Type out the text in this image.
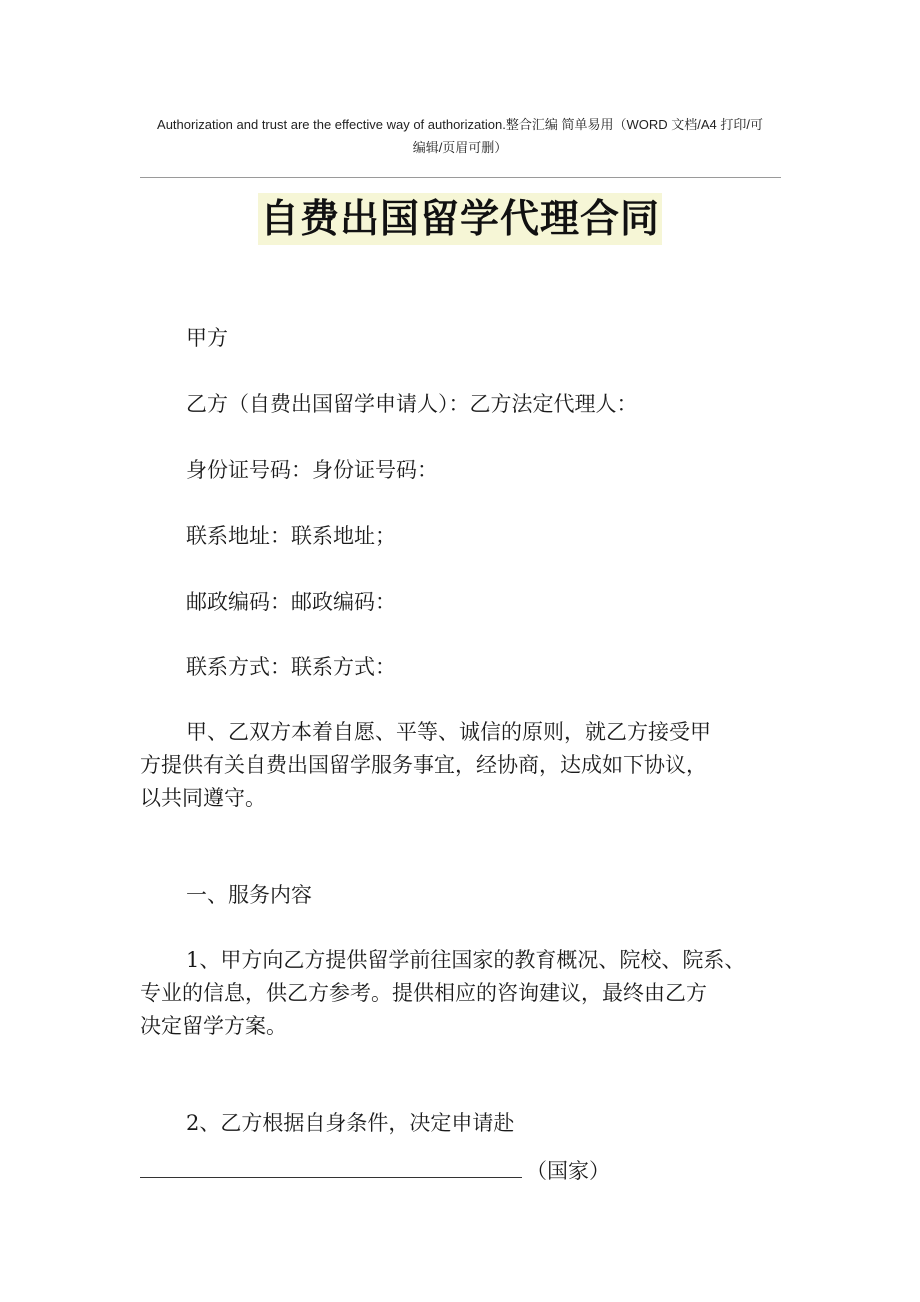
Authorization and trust are the effective way of authorization.整合汇编 简单易用（WORD 文档/A4 打印/可
编辑/页眉可删）
自费出国留学代理合同
甲方
乙方（自费出国留学申请人）：乙方法定代理人：
身份证号码：身份证号码：
联系地址：联系地址；
邮政编码：邮政编码：
联系方式：联系方式：
甲、乙双方本着自愿、平等、诚信的原则，就乙方接受甲
方提供有关自费出国留学服务事宜，经协商，达成如下协议，
以共同遵守。
一、服务内容
1、甲方向乙方提供留学前往国家的教育概况、院校、院系、
专业的信息，供乙方参考。提供相应的咨询建议，最终由乙方
决定留学方案。
2、乙方根据自身条件，决定申请赴
（国家）
